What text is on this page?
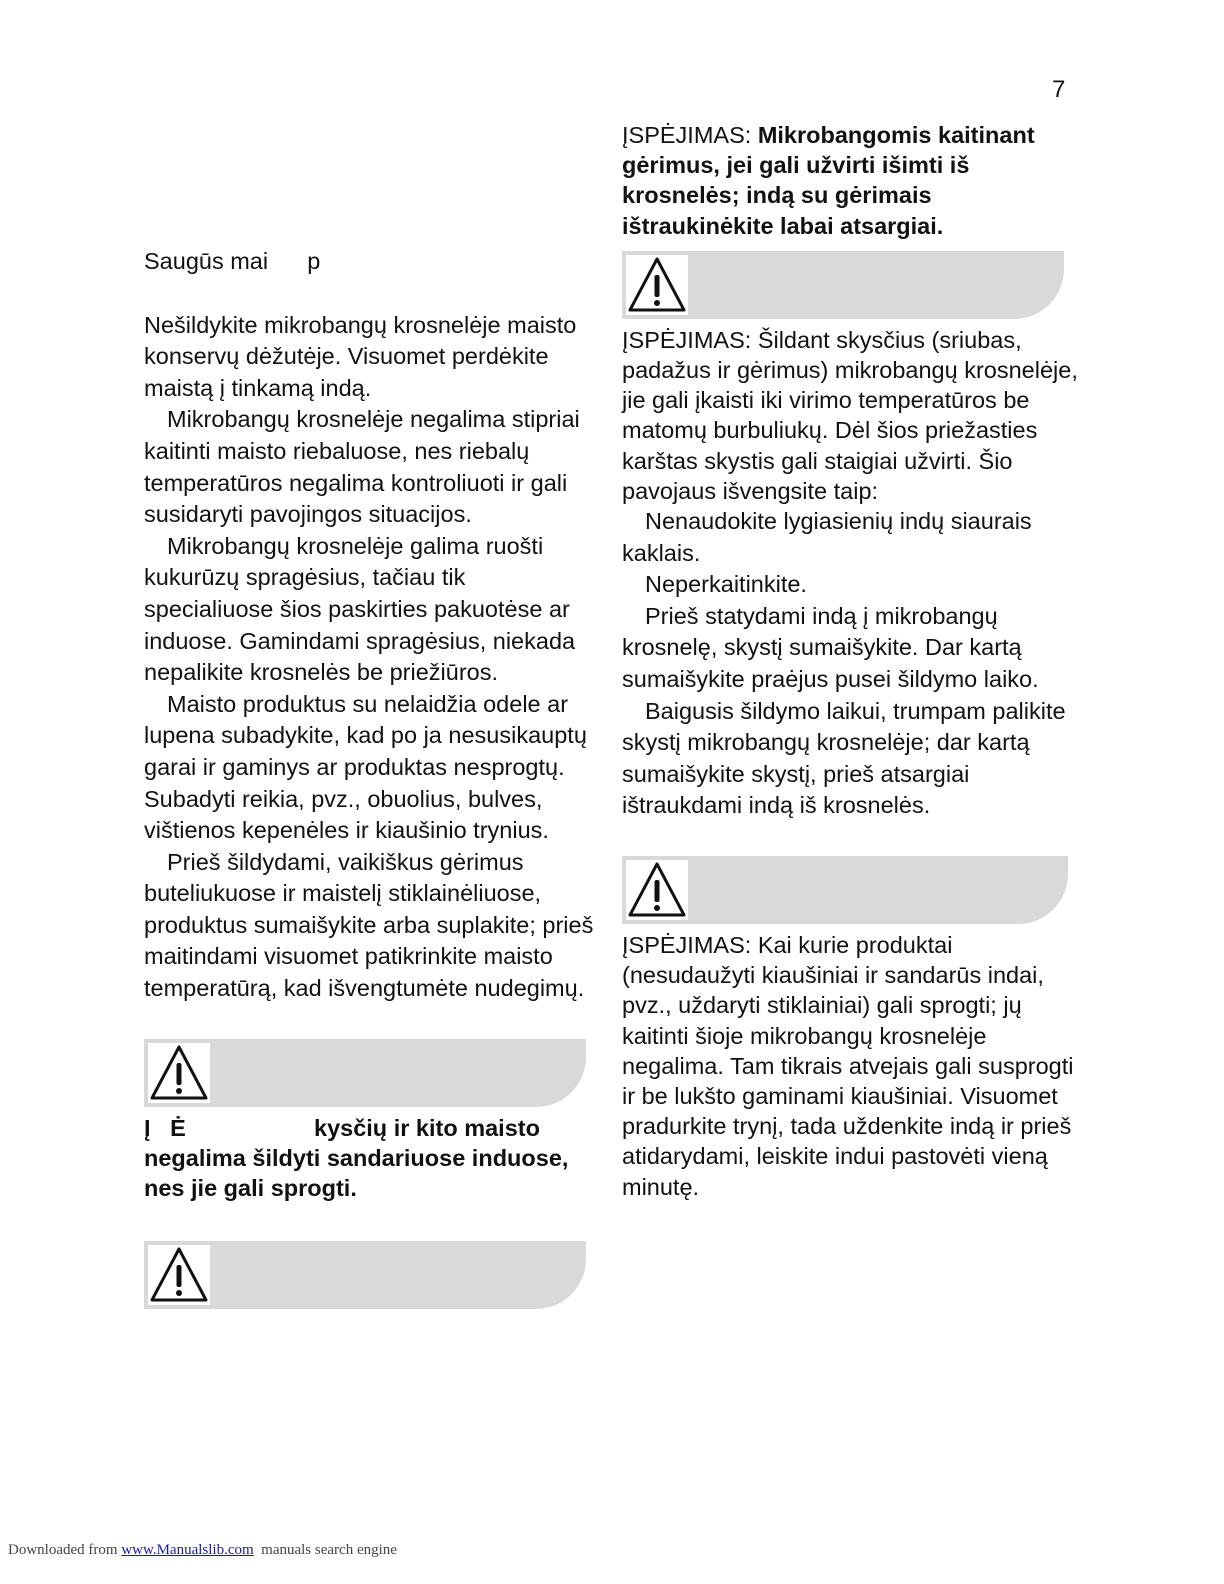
7

Saugūs mai      p

Nešildykite mikrobangų krosnelėje maisto konservų dėžutėje. Visuomet perdėkite maistą į tinkamą indą.

Mikrobangų krosnelėje negalima stipriai kaitinti maisto riebaluose, nes riebalų temperatūros negalima kontroliuoti ir gali susidaryti pavojingos situacijos.

Mikrobangų krosnelėje galima ruošti kukurūzų spragėsius, tačiau tik specialiuose šios paskirties pakuotėse ar induose. Gamindami spragėsius, niekada nepalikite krosnelės be priežiūros.

Maisto produktus su nelaidžia odele ar lupena subadykite, kad po ja nesusikauptų garai ir gaminys ar produktas nesprogtų. Subadyti reikia, pvz., obuolius, bulves, vištienos kepenėles ir kiaušinio trynius.

Prieš šildydami, vaikiškus gėrimus buteliukuose ir maistelį stiklainėliuose, produktus sumaišykite arba suplakite; prieš maitindami visuomet patikrinkite maisto temperatūrą, kad išvengtumėte nudegimų.

Į   Ė	kysčių ir kito maisto negalima šildyti sandariuose induose, nes jie gali sprogti.

ĮSPĖJIMAS: Mikrobangomis kaitinant gėrimus, jei gali užvirti išimti iš krosnelės; indą su gėrimais ištraukinėkite labai atsargiai.

ĮSPĖJIMAS: Šildant skysčius (sriubas, padažus ir gėrimus) mikrobangų krosnelėje, jie gali įkaisti iki virimo temperatūros be matomų burbuliukų. Dėl šios priežasties karštas skystis gali staigiai užvirti. Šio pavojaus išvengsite taip:

Nenaudokite lygiasienių indų siaurais kaklais.

Neperkaitinkite.

Prieš statydami indą į mikrobangų krosnelę, skystį sumaišykite. Dar kartą sumaišykite praėjus pusei šildymo laiko.

Baigusis šildymo laikui, trumpam palikite skystį mikrobangų krosnelėje; dar kartą sumaišykite skystį, prieš atsargiai ištraukdami indą iš krosnelės.

ĮSPĖJIMAS: Kai kurie produktai (nesudaužyti kiaušiniai ir sandarūs indai, pvz., uždaryti stiklainiai) gali sprogti; jų kaitinti šioje mikrobangų krosnelėje negalima. Tam tikrais atvejais gali susprogti ir be lukšto gaminami kiaušiniai. Visuomet pradurkite trynį, tada uždenkite indą ir prieš atidarydami, leiskite indui pastovėti vieną minutę.

Downloaded from www.Manualslib.com  manuals search engine
